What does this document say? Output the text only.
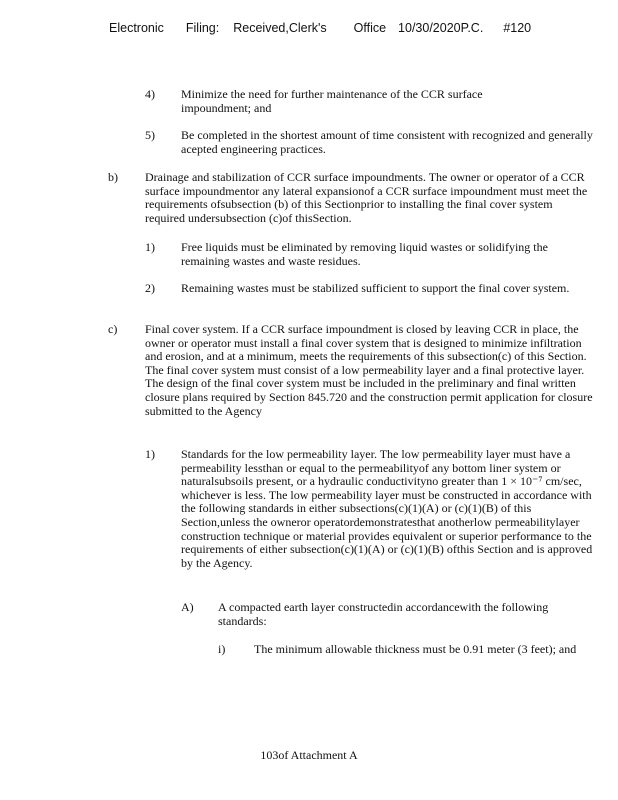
Electronic Filing: Received,Clerk's Office 10/30/2020P.C. #120
4) Minimize the need for further maintenance of the CCR surface impoundment; and
5) Be completed in the shortest amount of time consistent with recognized and generally acepted engineering practices.
b) Drainage and stabilization of CCR surface impoundments. The owner or operator of a CCR surface impoundmentor any lateral expansionof a CCR surface impoundment must meet the requirements ofsubsection (b) of this Sectionprior to installing the final cover system required undersubsection (c)of thisSection.
1) Free liquids must be eliminated by removing liquid wastes or solidifying the remaining wastes and waste residues.
2) Remaining wastes must be stabilized sufficient to support the final cover system.
c) Final cover system. If a CCR surface impoundment is closed by leaving CCR in place, the owner or operator must install a final cover system that is designed to minimize infiltration and erosion, and at a minimum, meets the requirements of this subsection(c) of this Section. The final cover system must consist of a low permeability layer and a final protective layer. The design of the final cover system must be included in the preliminary and final written closure plans required by Section 845.720 and the construction permit application for closure submitted to the Agency
1) Standards for the low permeability layer. The low permeability layer must have a permeability lessthan or equal to the permeabilityof any bottom liner system or naturalsubsoils present, or a hydraulic conductivityno greater than 1 × 10⁻⁷ cm/sec, whichever is less. The low permeability layer must be constructed in accordance with the following standards in either subsections(c)(1)(A) or (c)(1)(B) of this Section,unless the owneror operatordemonstratesthat anotherlow permeabilitylayer construction technique or material provides equivalent or superior performance to the requirements of either subsection(c)(1)(A) or (c)(1)(B) ofthis Section and is approved by the Agency.
A) A compacted earth layer constructedin accordancewith the following standards:
i) The minimum allowable thickness must be 0.91 meter (3 feet); and
103of Attachment A
